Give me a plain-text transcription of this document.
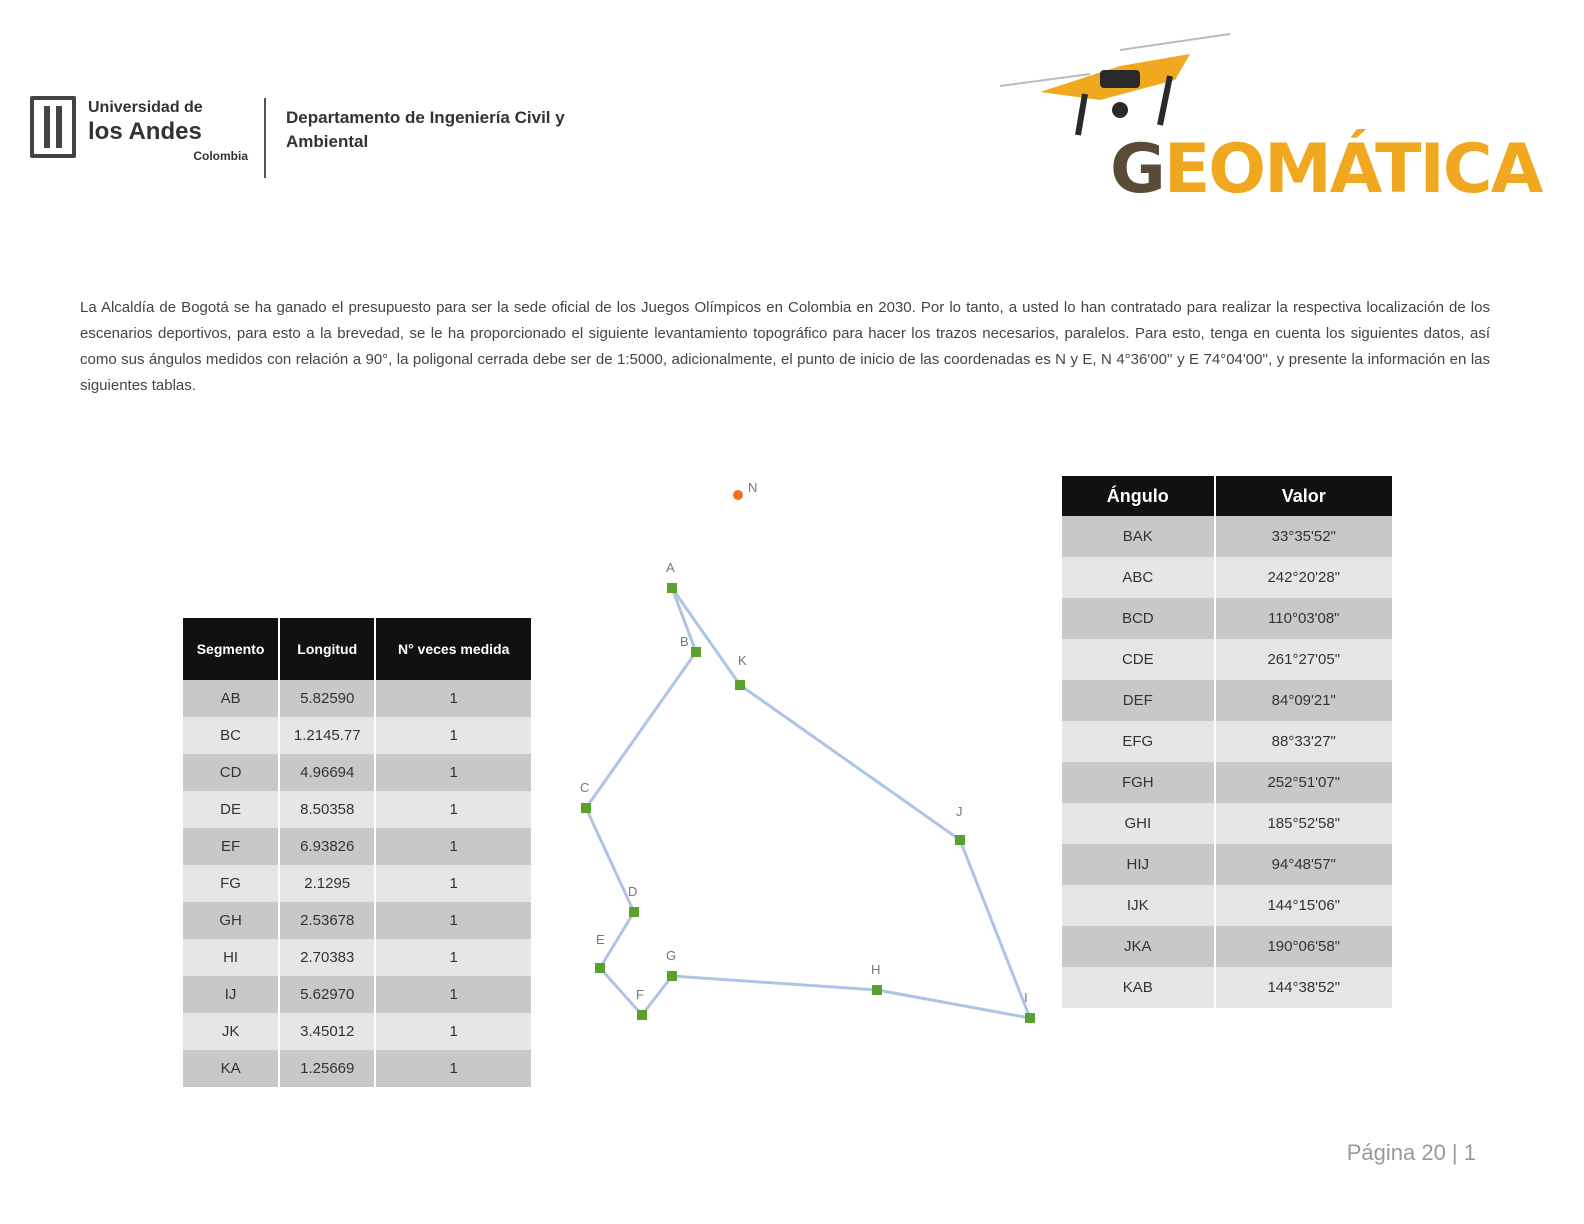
Universidad de
los Andes
Colombia
Departamento de Ingeniería Civil y Ambiental	GEOMÁTICA

La Alcaldía de Bogotá se ha ganado el presupuesto para ser la sede oficial de los Juegos Olímpicos en Colombia en 2030. Por lo tanto, a usted lo han contratado para realizar la respectiva localización de los escenarios deportivos, para esto a la brevedad, se le ha proporcionado el siguiente levantamiento topográfico para hacer los trazos necesarios, paralelos. Para esto, tenga en cuenta los siguientes datos, así como sus ángulos medidos con relación a 90°, la poligonal cerrada debe ser de 1:5000, adicionalmente, el punto de inicio de las coordenadas es N y E, N 4°36'00'' y E 74°04'00'', y presente la información en las siguientes tablas.

Segmento	Longitud	N° veces medida
AB	5.82590	1
BC	1.2145.77	1
CD	4.96694	1
DE	8.50358	1
EF	6.93826	1
FG	2.1295	1
GH	2.53678	1
HI	2.70383	1
IJ	5.62970	1
JK	3.45012	1
KA	1.25669	1
A
B
C
D
E
F
G
H
I
J
K
N	Ángulo	Valor
BAK	33°35'52"
ABC	242°20'28"
BCD	110°03'08"
CDE	261°27'05"
DEF	84°09'21"
EFG	88°33'27"
FGH	252°51'07"
GHI	185°52'58"
HIJ	94°48'57"
IJK	144°15'06"
JKA	190°06'58"
KAB	144°38'52"
Página 20 | 1
